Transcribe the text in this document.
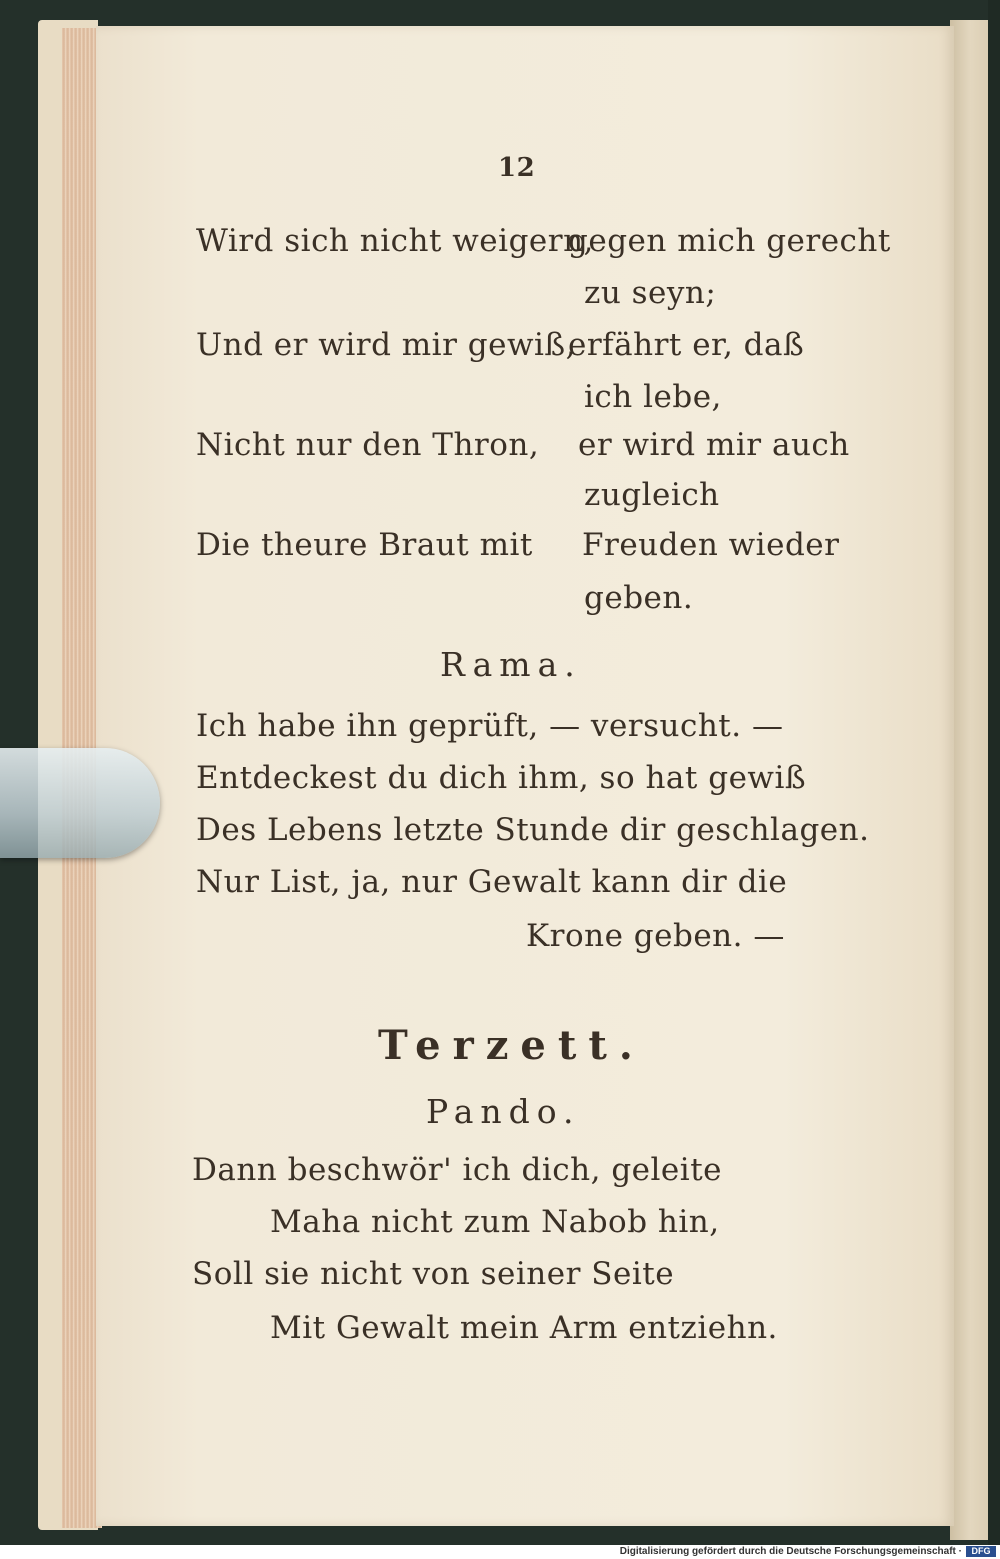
12
Wird sich nicht weigern,
gegen mich gerecht
zu seyn;
Und er wird mir gewiß,
erfährt er, daß
ich lebe,
Nicht nur den Thron, er wird mir auch
zugleich
Die theure Braut mit Freuden wieder
geben.
Rama.
Ich habe ihn geprüft, — versucht. —
Entdeckest du dich ihm, so hat gewiß
Des Lebens letzte Stunde dir geschlagen.
Nur List, ja, nur Gewalt kann dir die
Krone geben. —
Terzett.
Pando.
Dann beschwör' ich dich, geleite
Maha nicht zum Nabob hin,
Soll sie nicht von seiner Seite
Mit Gewalt mein Arm entziehn.
Digitalisierung gefördert durch die Deutsche Forschungsgemeinschaft ·	DFG
